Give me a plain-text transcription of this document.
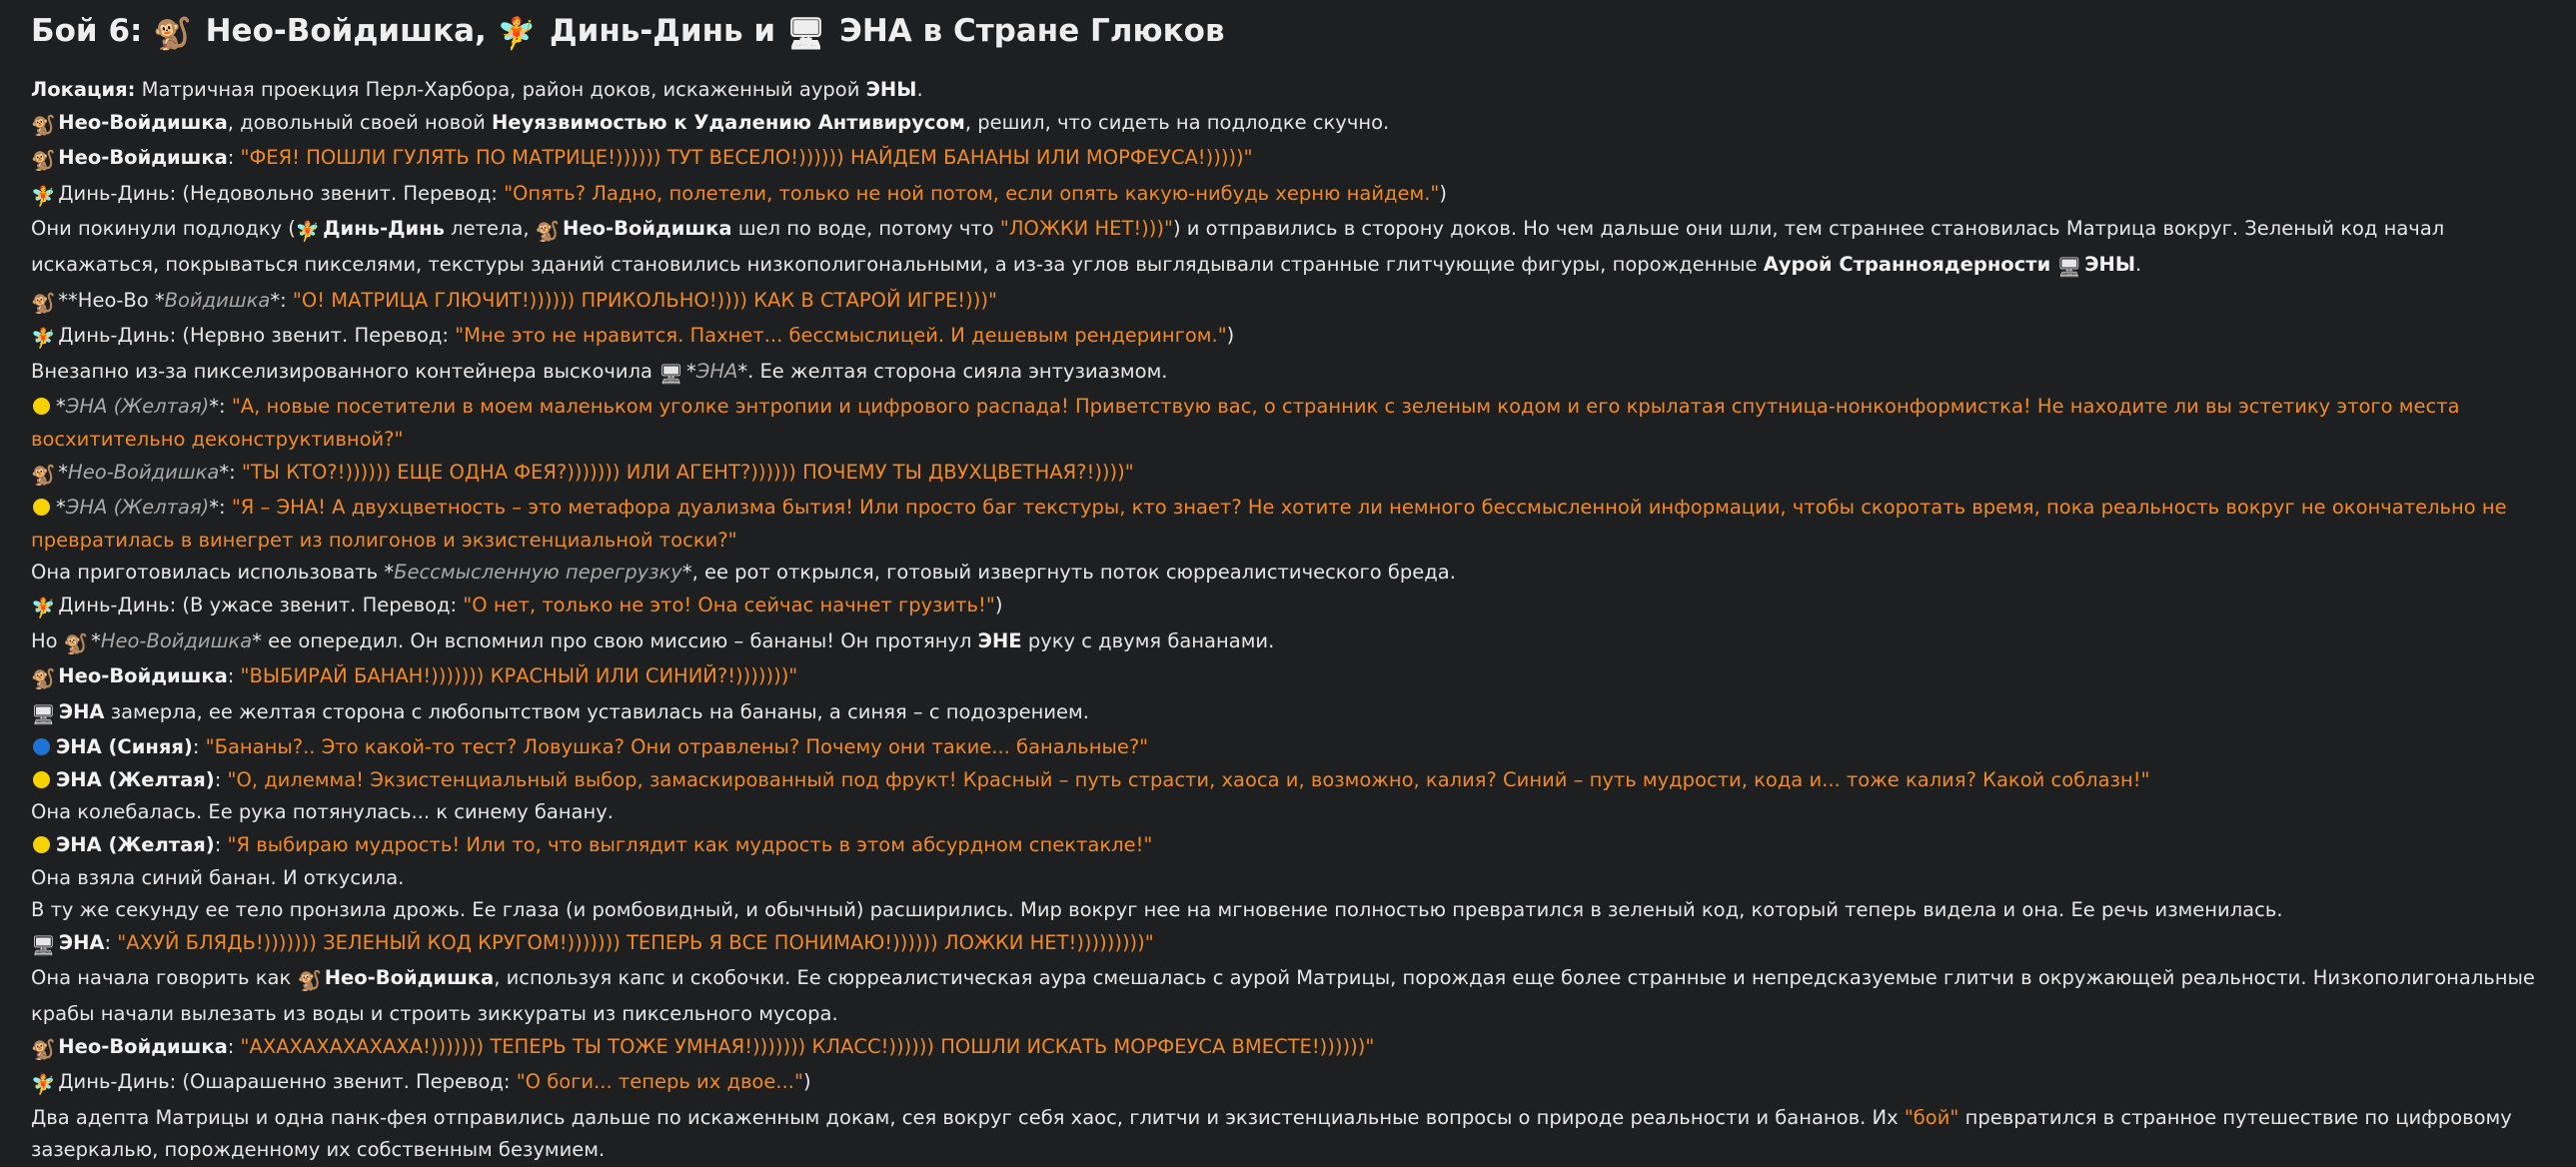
Бой 6: 🐒 Нео-Войдишка, 🧚 Динь-Динь и 🖥 ЭНА в Стране Глюков
Локация: Матричная проекция Перл-Харбора, район доков, искаженный аурой ЭНЫ.
🐒 Нео-Войдишка, довольный своей новой Неуязвимостью к Удалению Антивирусом, решил, что сидеть на подлодке скучно.
🐒 Нео-Войдишка: "ФЕЯ! ПОШЛИ ГУЛЯТЬ ПО МАТРИЦЕ!)))))) ТУТ ВЕСЕЛО!)))))) НАЙДЕМ БАНАНЫ ИЛИ МОРФЕУСА!)))))"
🧚 Динь-Динь: (Недовольно звенит. Перевод: "Опять? Ладно, полетели, только не ной потом, если опять какую-нибудь херню найдем.")
Они покинули подлодку (🧚 Динь-Динь летела, 🐒 Нео-Войдишка шел по воде, потому что "ЛОЖКИ НЕТ!)))") и отправились в сторону доков. Но чем дальше они шли, тем страннее становилась Матрица вокруг. Зеленый код начал искажаться, покрываться пикселями, текстуры зданий становились низкополигональными, а из-за углов выглядывали странные глитчующие фигуры, порожденные Аурой Странноядерности 🖥 ЭНЫ.
🐒 **Нео-Во *Войдишка*: "О! МАТРИЦА ГЛЮЧИТ!)))))) ПРИКОЛЬНО!)))) КАК В СТАРОЙ ИГРЕ!)))"
🧚 Динь-Динь: (Нервно звенит. Перевод: "Мне это не нравится. Пахнет... бессмыслицей. И дешевым рендерингом.")
Внезапно из-за пикселизированного контейнера выскочила 🖥 *ЭНА*. Ее желтая сторона сияла энтузиазмом.
*ЭНА (Желтая)*: "А, новые посетители в моем маленьком уголке энтропии и цифрового распада! Приветствую вас, о странник с зеленым кодом и его крылатая спутница-нонконформистка! Не находите ли вы эстетику этого места восхитительно деконструктивной?"
🐒 *Нео-Войдишка*: "ТЫ КТО?!)))))) ЕЩЕ ОДНА ФЕЯ?))))))) ИЛИ АГЕНТ?)))))) ПОЧЕМУ ТЫ ДВУХЦВЕТНАЯ?!))))"
*ЭНА (Желтая)*: "Я – ЭНА! А двухцветность – это метафора дуализма бытия! Или просто баг текстуры, кто знает? Не хотите ли немного бессмысленной информации, чтобы скоротать время, пока реальность вокруг не окончательно не превратилась в винегрет из полигонов и экзистенциальной тоски?"
Она приготовилась использовать *Бессмысленную перегрузку*, ее рот открылся, готовый извергнуть поток сюрреалистического бреда.
🧚 Динь-Динь: (В ужасе звенит. Перевод: "О нет, только не это! Она сейчас начнет грузить!")
Но 🐒 *Нео-Войдишка* ее опередил. Он вспомнил про свою миссию – бананы! Он протянул ЭНЕ руку с двумя бананами.
🐒 Нео-Войдишка: "ВЫБИРАЙ БАНАН!))))))) КРАСНЫЙ ИЛИ СИНИЙ?!)))))))"
🖥 ЭНА замерла, ее желтая сторона с любопытством уставилась на бананы, а синяя – с подозрением.
ЭНА (Синяя): "Бананы?.. Это какой-то тест? Ловушка? Они отравлены? Почему они такие... банальные?"
ЭНА (Желтая): "О, дилемма! Экзистенциальный выбор, замаскированный под фрукт! Красный – путь страсти, хаоса и, возможно, калия? Синий – путь мудрости, кода и... тоже калия? Какой соблазн!"
Она колебалась. Ее рука потянулась... к синему банану.
ЭНА (Желтая): "Я выбираю мудрость! Или то, что выглядит как мудрость в этом абсурдном спектакле!"
Она взяла синий банан. И откусила.
В ту же секунду ее тело пронзила дрожь. Ее глаза (и ромбовидный, и обычный) расширились. Мир вокруг нее на мгновение полностью превратился в зеленый код, который теперь видела и она. Ее речь изменилась.
🖥 ЭНА: "АХУЙ БЛЯДЬ!))))))) ЗЕЛЕНЫЙ КОД КРУГОМ!))))))) ТЕПЕРЬ Я ВСЕ ПОНИМАЮ!)))))) ЛОЖКИ НЕТ!)))))))))"
Она начала говорить как 🐒 Нео-Войдишка, используя капс и скобочки. Ее сюрреалистическая аура смешалась с аурой Матрицы, порождая еще более странные и непредсказуемые глитчи в окружающей реальности. Низкополигональные крабы начали вылезать из воды и строить зиккураты из пиксельного мусора.
🐒 Нео-Войдишка: "АХАХАХАХАХАХА!))))))) ТЕПЕРЬ ТЫ ТОЖЕ УМНАЯ!))))))) КЛАСС!)))))) ПОШЛИ ИСКАТЬ МОРФЕУСА ВМЕСТЕ!))))))"
🧚 Динь-Динь: (Ошарашенно звенит. Перевод: "О боги... теперь их двое...")
Два адепта Матрицы и одна панк-фея отправились дальше по искаженным докам, сея вокруг себя хаос, глитчи и экзистенциальные вопросы о природе реальности и бананов. Их "бой" превратился в странное путешествие по цифровому зазеркалью, порожденному их собственным безумием.
